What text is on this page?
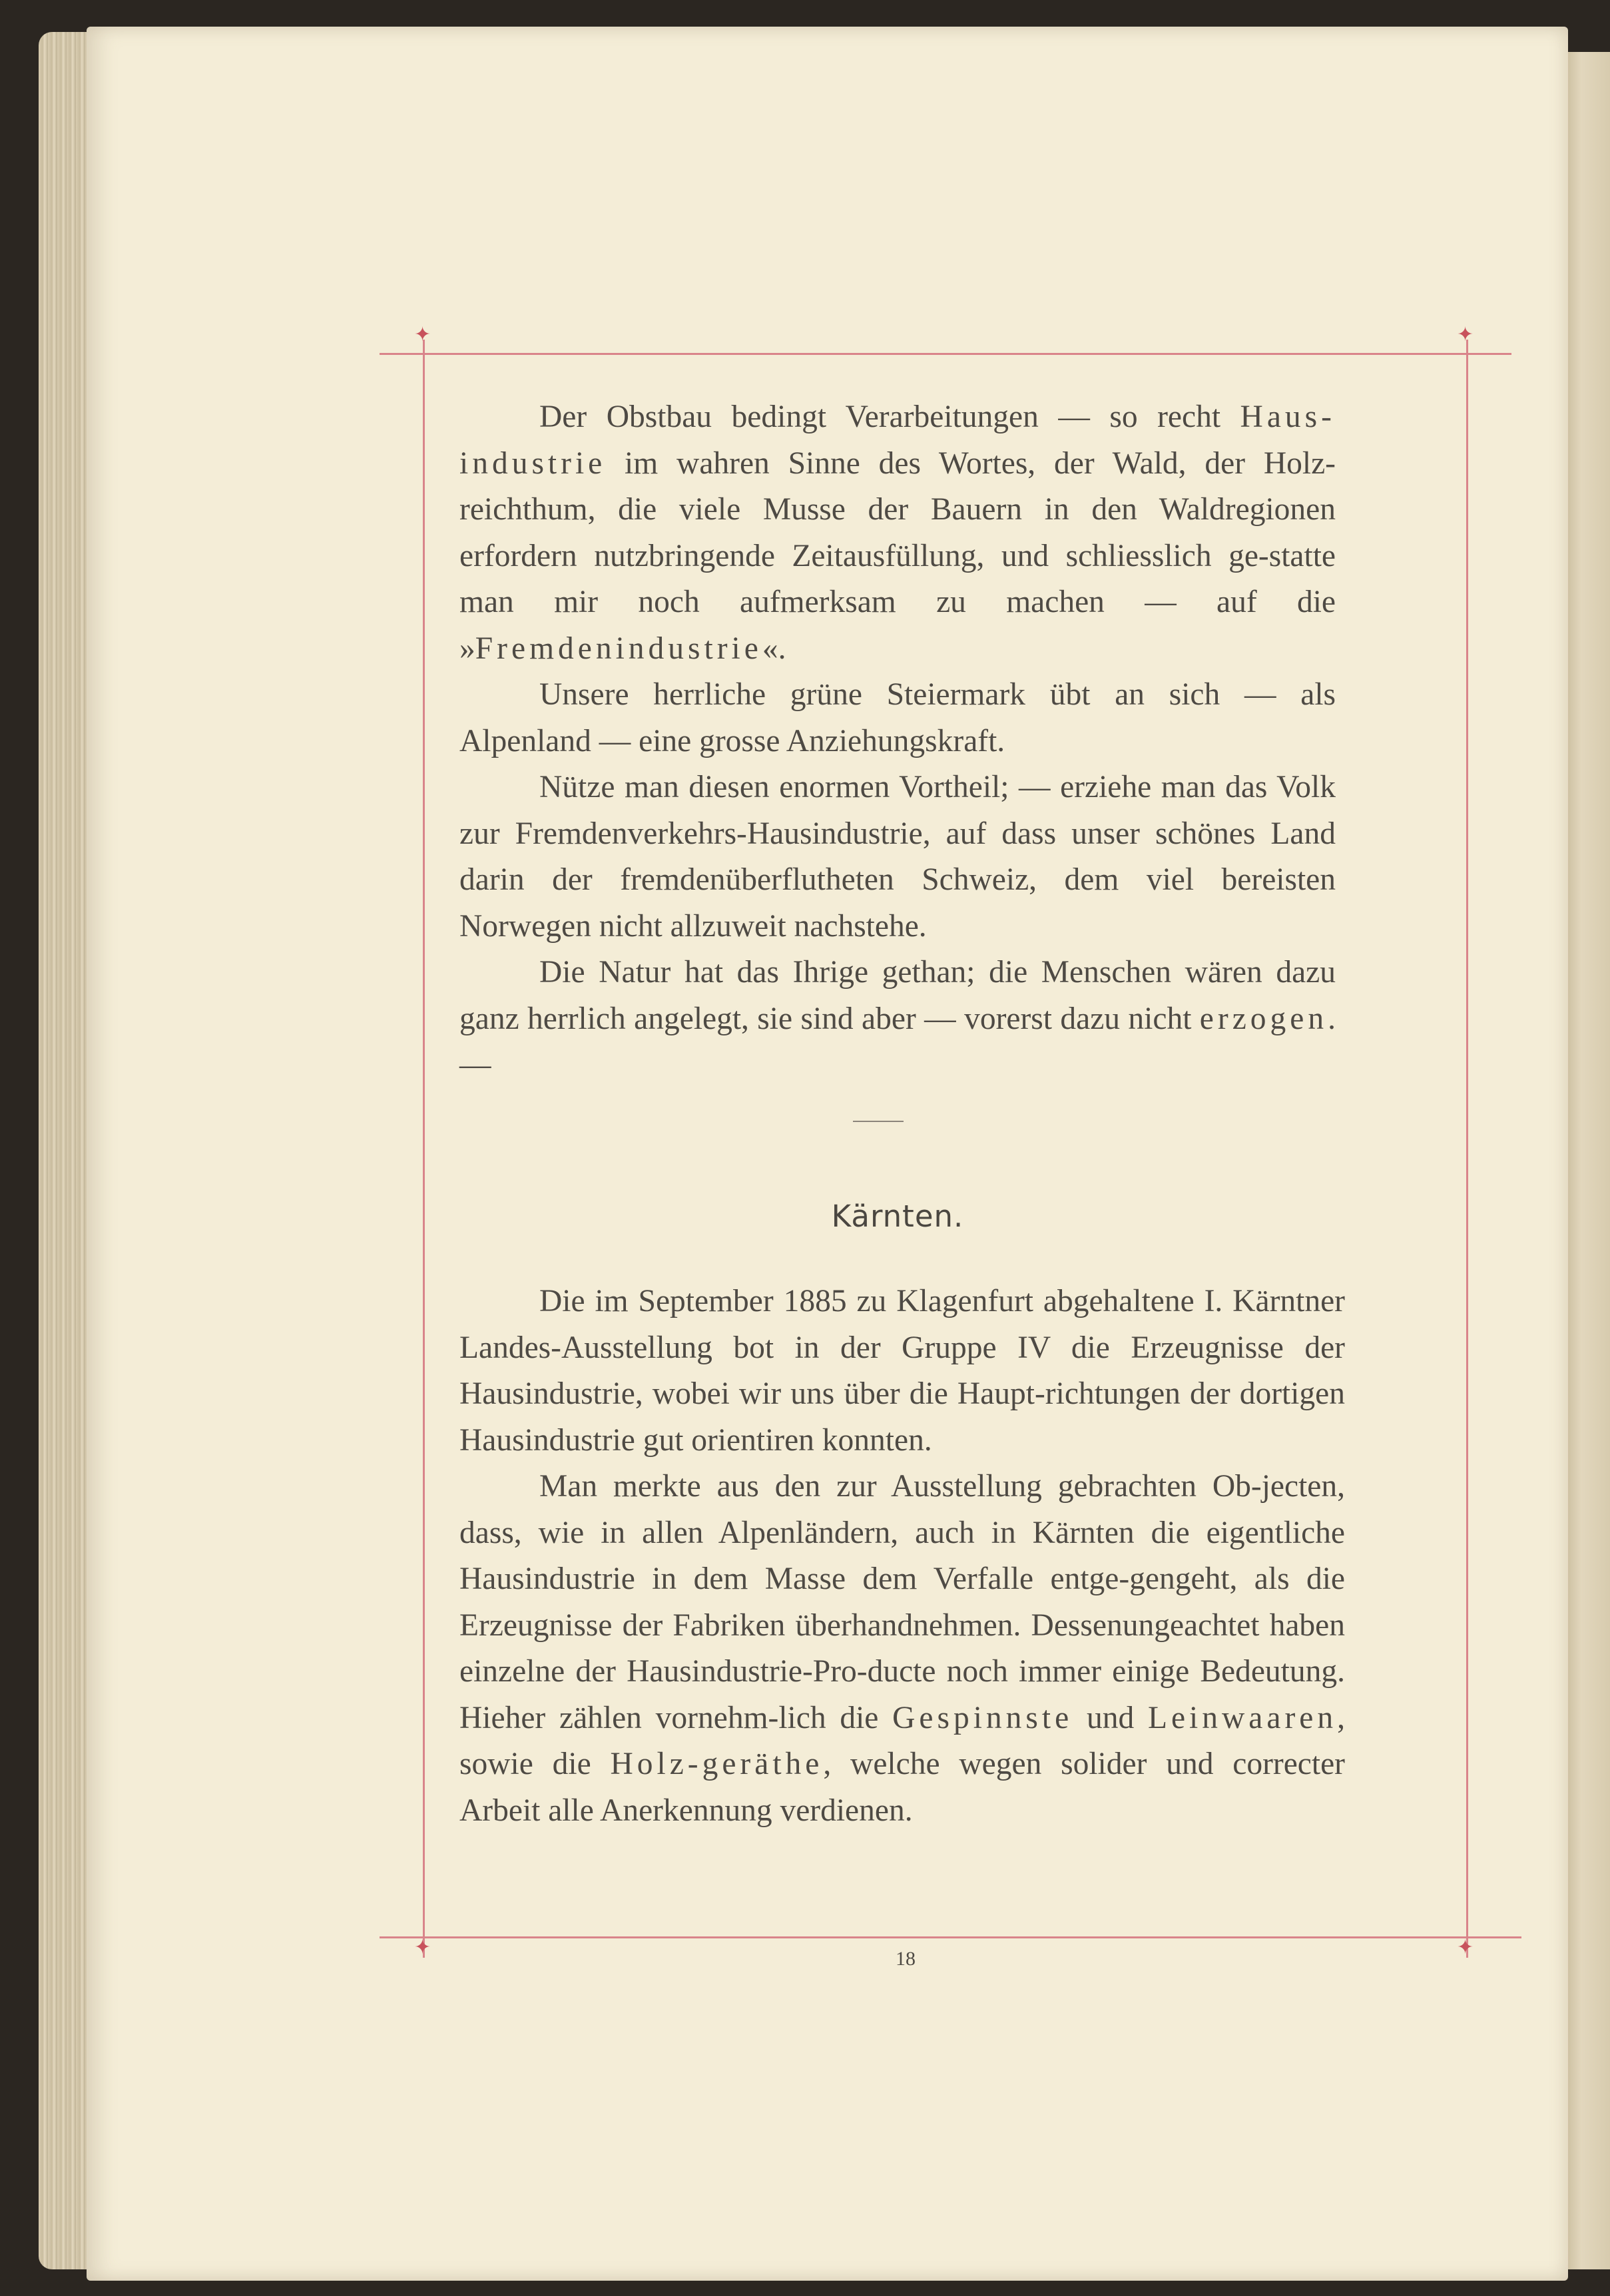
✦	✦
✦	✦

Der Obstbau bedingt Verarbeitungen — so recht Haus-industrie im wahren Sinne des Wortes, der Wald, der Holz-reichthum, die viele Musse der Bauern in den Waldregionen erfordern nutzbringende Zeitausfüllung, und schliesslich ge-statte man mir noch aufmerksam zu machen — auf die »Fremdenindustrie«.

Unsere herrliche grüne Steiermark übt an sich — als Alpenland — eine grosse Anziehungskraft.

Nütze man diesen enormen Vortheil; — erziehe man das Volk zur Fremdenverkehrs-Hausindustrie, auf dass unser schönes Land darin der fremdenüberflutheten Schweiz, dem viel bereisten Norwegen nicht allzuweit nachstehe.

Die Natur hat das Ihrige gethan; die Menschen wären dazu ganz herrlich angelegt, sie sind aber — vorerst dazu nicht erzogen. —

Kärnten.

Die im September 1885 zu Klagenfurt abgehaltene I. Kärntner Landes-Ausstellung bot in der Gruppe IV die Erzeugnisse der Hausindustrie, wobei wir uns über die Haupt-richtungen der dortigen Hausindustrie gut orientiren konnten.

Man merkte aus den zur Ausstellung gebrachten Ob-jecten, dass, wie in allen Alpenländern, auch in Kärnten die eigentliche Hausindustrie in dem Masse dem Verfalle entge-gengeht, als die Erzeugnisse der Fabriken überhandnehmen. Dessenungeachtet haben einzelne der Hausindustrie-Pro-ducte noch immer einige Bedeutung. Hieher zählen vornehm-lich die Gespinnste und Leinwaaren, sowie die Holz-geräthe, welche wegen solider und correcter Arbeit alle Anerkennung verdienen.

18
